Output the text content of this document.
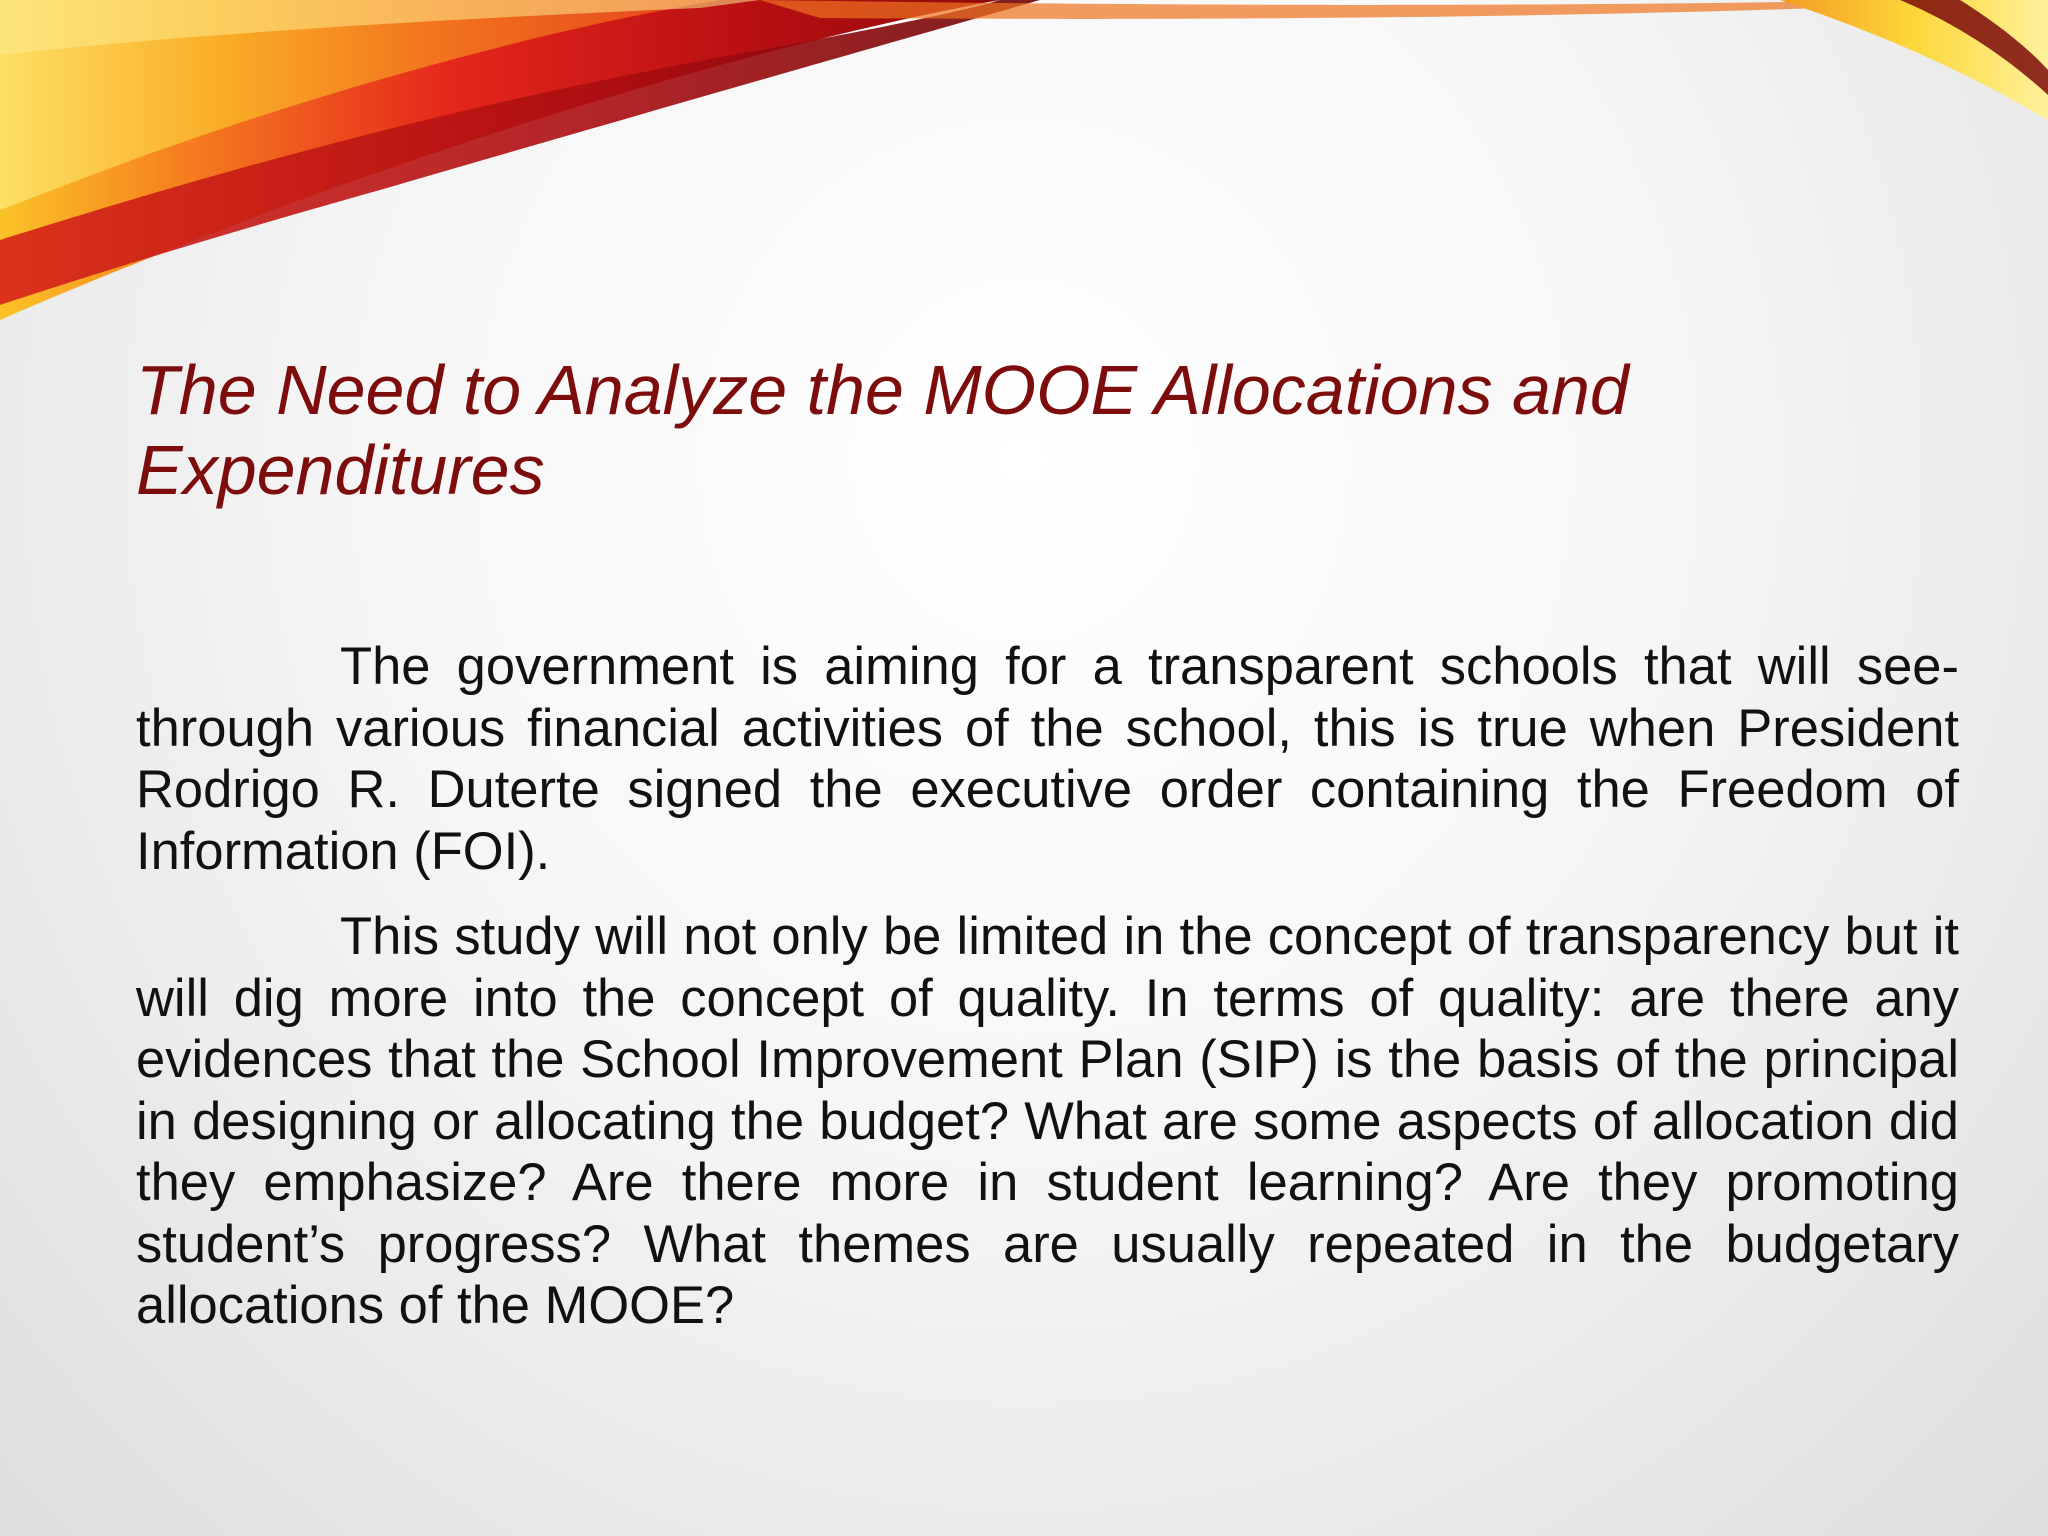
The Need to Analyze the MOOE Allocations and Expenditures

The government is aiming for a transparent schools that will see-through various financial activities of the school, this is true when President Rodrigo R. Duterte signed the executive order containing the Freedom of Information (FOI).

This study will not only be limited in the concept of transparency but it will dig more into the concept of quality. In terms of quality: are there any evidences that the School Improvement Plan (SIP) is the basis of the principal in designing or allocating the budget? What are some aspects of allocation did they emphasize? Are there more in student learning? Are they promoting student’s progress? What themes are usually repeated in the budgetary allocations of the MOOE?
